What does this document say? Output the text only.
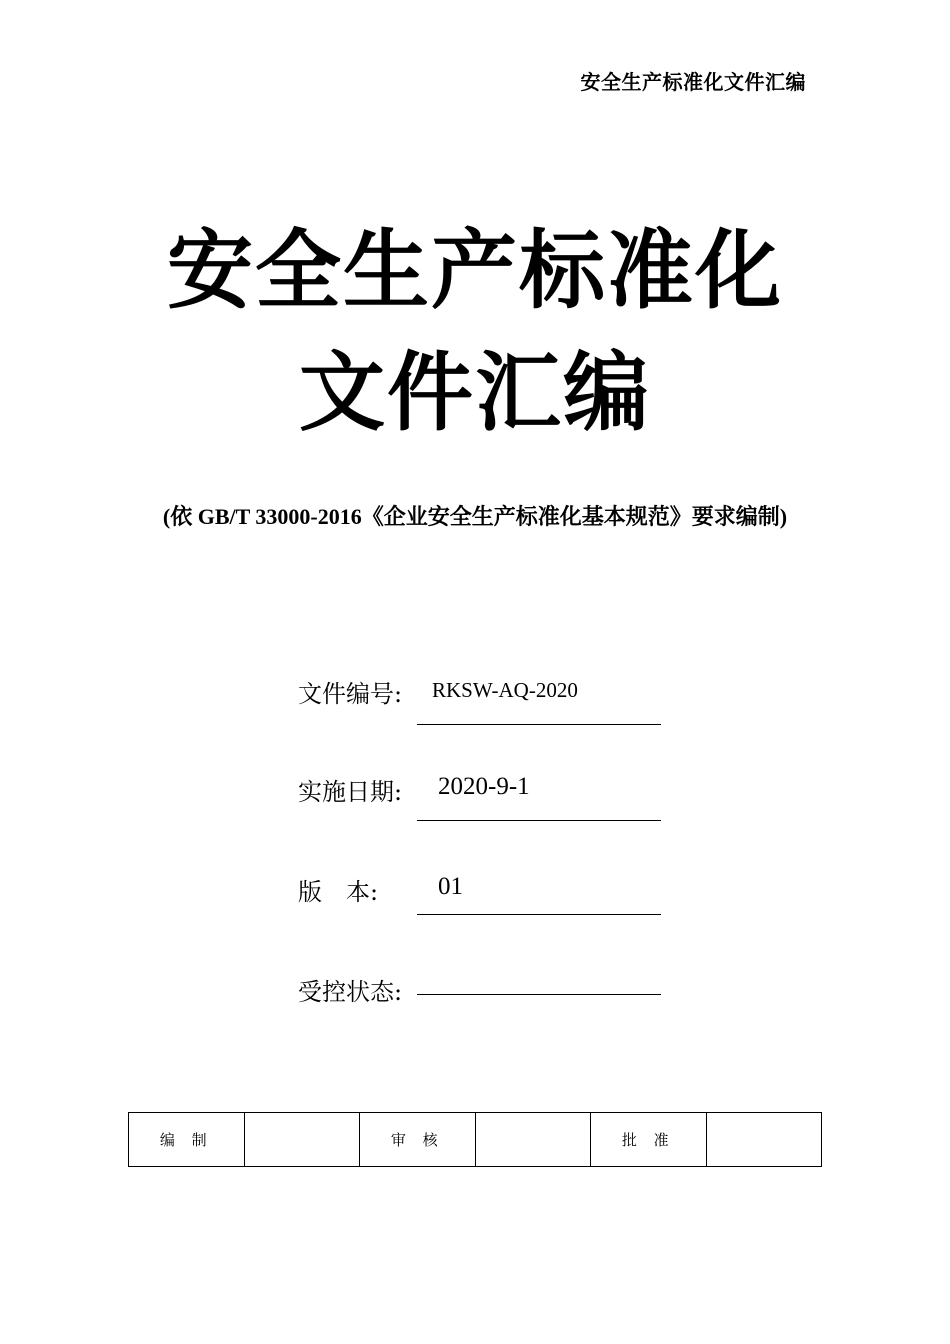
安全生产标准化文件汇编
安全生产标准化
文件汇编
(依 GB/T 33000-2016《企业安全生产标准化基本规范》要求编制)
文件编号: RKSW-AQ-2020
实施日期: 2020-9-1
版　本: 01
受控状态:
编 制		审 核		批 准	
